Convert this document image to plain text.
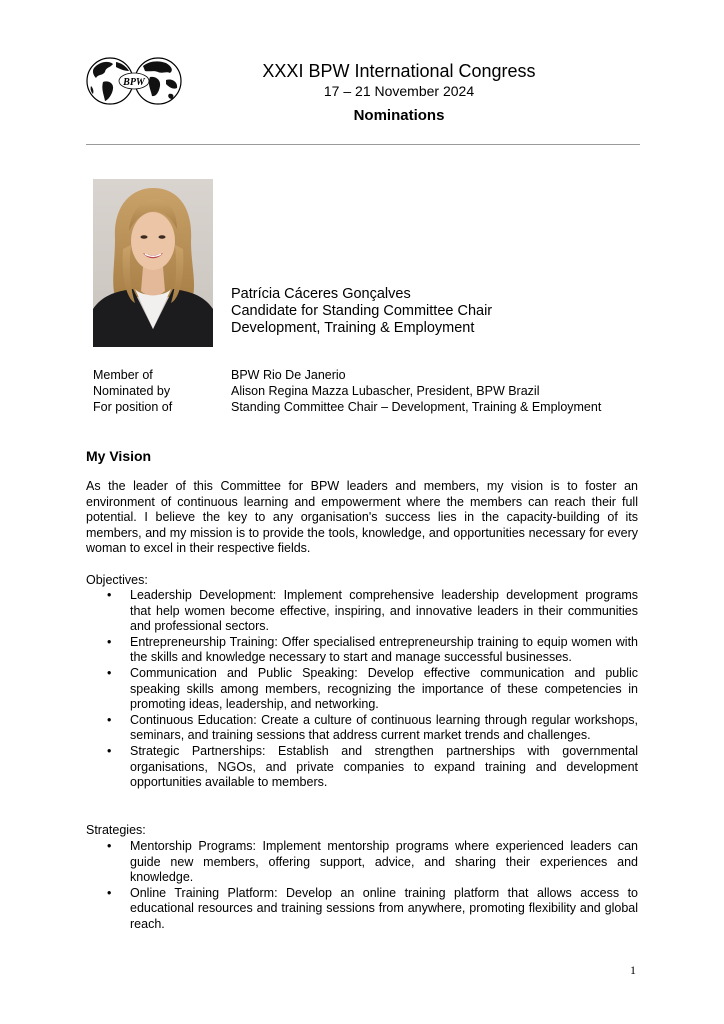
BPW
XXXI BPW International Congress
17 – 21 November 2024
Nominations
Patrícia Cáceres Gonçalves
Candidate for Standing Committee Chair
Development, Training & Employment
Member of	BPW Rio De Janerio
Nominated by	Alison Regina Mazza Lubascher, President, BPW Brazil
For position of	Standing Committee Chair – Development, Training & Employment
My Vision

As the leader of this Committee for BPW leaders and members, my vision is to foster an environment of continuous learning and empowerment where the members can reach their full potential. I believe the key to any organisation's success lies in the capacity-building of its members, and my mission is to provide the tools, knowledge, and opportunities necessary for every woman to excel in their respective fields.

Objectives:
• Leadership Development: Implement comprehensive leadership development programs that help women become effective, inspiring, and innovative leaders in their communities and professional sectors.
• Entrepreneurship Training: Offer specialised entrepreneurship training to equip women with the skills and knowledge necessary to start and manage successful businesses.
• Communication and Public Speaking: Develop effective communication and public speaking skills among members, recognizing the importance of these competencies in promoting ideas, leadership, and networking.
• Continuous Education: Create a culture of continuous learning through regular workshops, seminars, and training sessions that address current market trends and challenges.
• Strategic Partnerships: Establish and strengthen partnerships with governmental organisations, NGOs, and private companies to expand training and development opportunities available to members.
Strategies:
• Mentorship Programs: Implement mentorship programs where experienced leaders can guide new members, offering support, advice, and sharing their experiences and knowledge.
• Online Training Platform: Develop an online training platform that allows access to educational resources and training sessions from anywhere, promoting flexibility and global reach.
1
